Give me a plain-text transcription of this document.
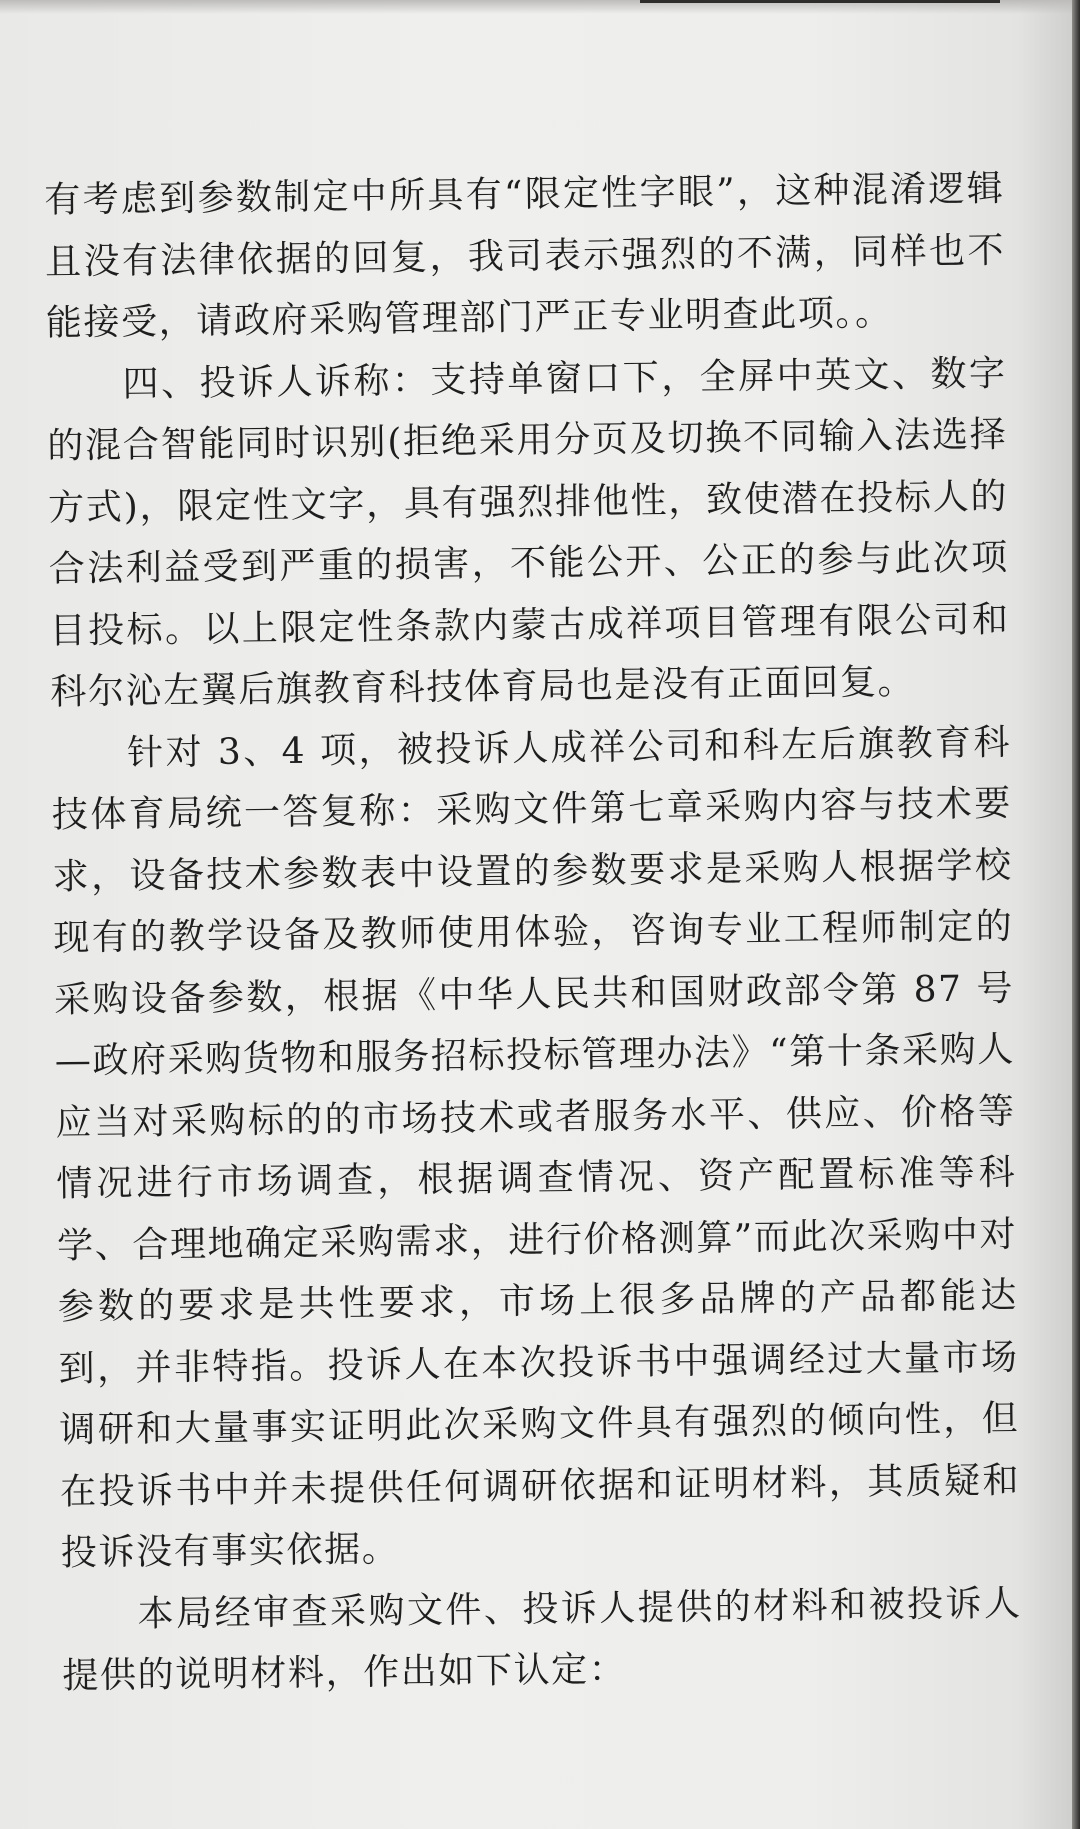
有考虑到参数制定中所具有“限定性字眼”，这种混淆逻辑且没有法律依据的回复，我司表示强烈的不满，同样也不能接受，请政府采购管理部门严正专业明查此项。。

四、投诉人诉称：支持单窗口下，全屏中英文、数字的混合智能同时识别(拒绝采用分页及切换不同输入法选择方式)，限定性文字，具有强烈排他性，致使潜在投标人的合法利益受到严重的损害，不能公开、公正的参与此次项目投标。以上限定性条款内蒙古成祥项目管理有限公司和科尔沁左翼后旗教育科技体育局也是没有正面回复。

针对 3、4 项，被投诉人成祥公司和科左后旗教育科技体育局统一答复称：采购文件第七章采购内容与技术要求，设备技术参数表中设置的参数要求是采购人根据学校现有的教学设备及教师使用体验，咨询专业工程师制定的采购设备参数，根据《中华人民共和国财政部令第 87 号—政府采购货物和服务招标投标管理办法》“第十条采购人应当对采购标的的市场技术或者服务水平、供应、价格等情况进行市场调查，根据调查情况、资产配置标准等科学、合理地确定采购需求，进行价格测算”而此次采购中对参数的要求是共性要求，市场上很多品牌的产品都能达到，并非特指。投诉人在本次投诉书中强调经过大量市场调研和大量事实证明此次采购文件具有强烈的倾向性，但在投诉书中并未提供任何调研依据和证明材料，其质疑和投诉没有事实依据。

本局经审查采购文件、投诉人提供的材料和被投诉人提供的说明材料，作出如下认定：
